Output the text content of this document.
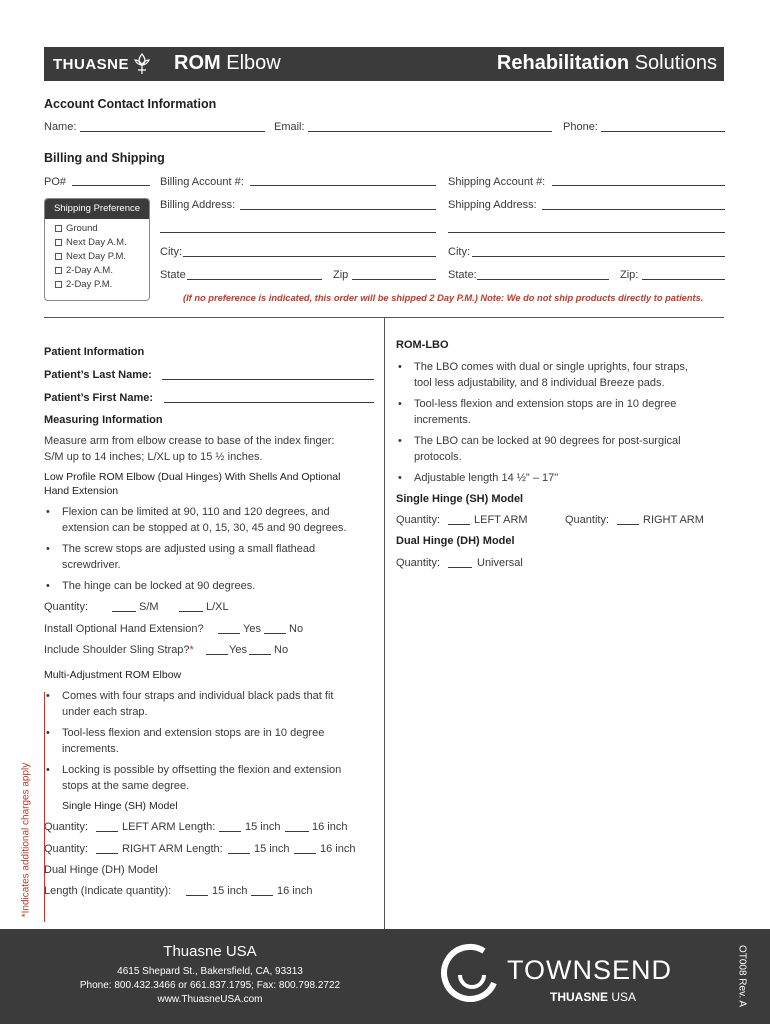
THUASNE ROM Elbow	Rehabilitation Solutions
Account Contact Information
Name:	Email:	Phone:
Billing and Shipping
PO#	Billing Account #:	Shipping Account #:
Billing Address:	Shipping Address:
City:	City:
State	Zip	State:	Zip:
(If no preference is indicated, this order will be shipped 2 Day P.M.) Note: We do not ship products directly to patients.
Shipping Preference
Ground
Next Day A.M.
Next Day P.M.
2-Day A.M.
2-Day P.M.
Patient Information
Patient’s Last Name:
Patient’s First Name:
Measuring Information
Measure arm from elbow crease to base of the index finger:
S/M up to 14 inches; L/XL up to 15 ½ inches.
Low Profile ROM Elbow (Dual Hinges) With Shells And Optional
Hand Extension
•	Flexion can be limited at 90, 110 and 120 degrees, and
extension can be stopped at 0, 15, 30, 45 and 90 degrees.
•	The screw stops are adjusted using a small flathead
screwdriver.
•	The hinge can be locked at 90 degrees.
Quantity:	S/M	L/XL
Install Optional Hand Extension?	Yes	No
Include Shoulder Sling Strap?*	Yes No
Multi-Adjustment ROM Elbow
•	Comes with four straps and individual black pads that fit
under each strap.
•	Tool-less flexion and extension stops are in 10 degree
increments.
•	Locking is possible by offsetting the flexion and extension
stops at the same degree.
Single Hinge (SH) Model
Quantity:	LEFT ARM Length:	15 inch	16 inch
Quantity:	RIGHT ARM Length:	15 inch	16 inch
Dual Hinge (DH) Model
Length (Indicate quantity):	15 inch	16 inch
ROM-LBO
•	The LBO comes with dual or single uprights, four straps,
tool less adjustability, and 8 individual Breeze pads.
•	Tool-less flexion and extension stops are in 10 degree
increments.
•	The LBO can be locked at 90 degrees for post-surgical
protocols.
•	Adjustable length 14 ½" – 17"
Single Hinge (SH) Model
Quantity:	LEFT ARM	Quantity:	RIGHT ARM
Dual Hinge (DH) Model
Quantity:	Universal
*Indicates additional charges apply
Thuasne USA
4615 Shepard St., Bakersfield, CA, 93313
Phone: 800.432.3466 or 661.837.1795; Fax: 800.798.2722
www.ThuasneUSA.com
TOWNSEND
THUASNE USA	OT008 Rev. A
